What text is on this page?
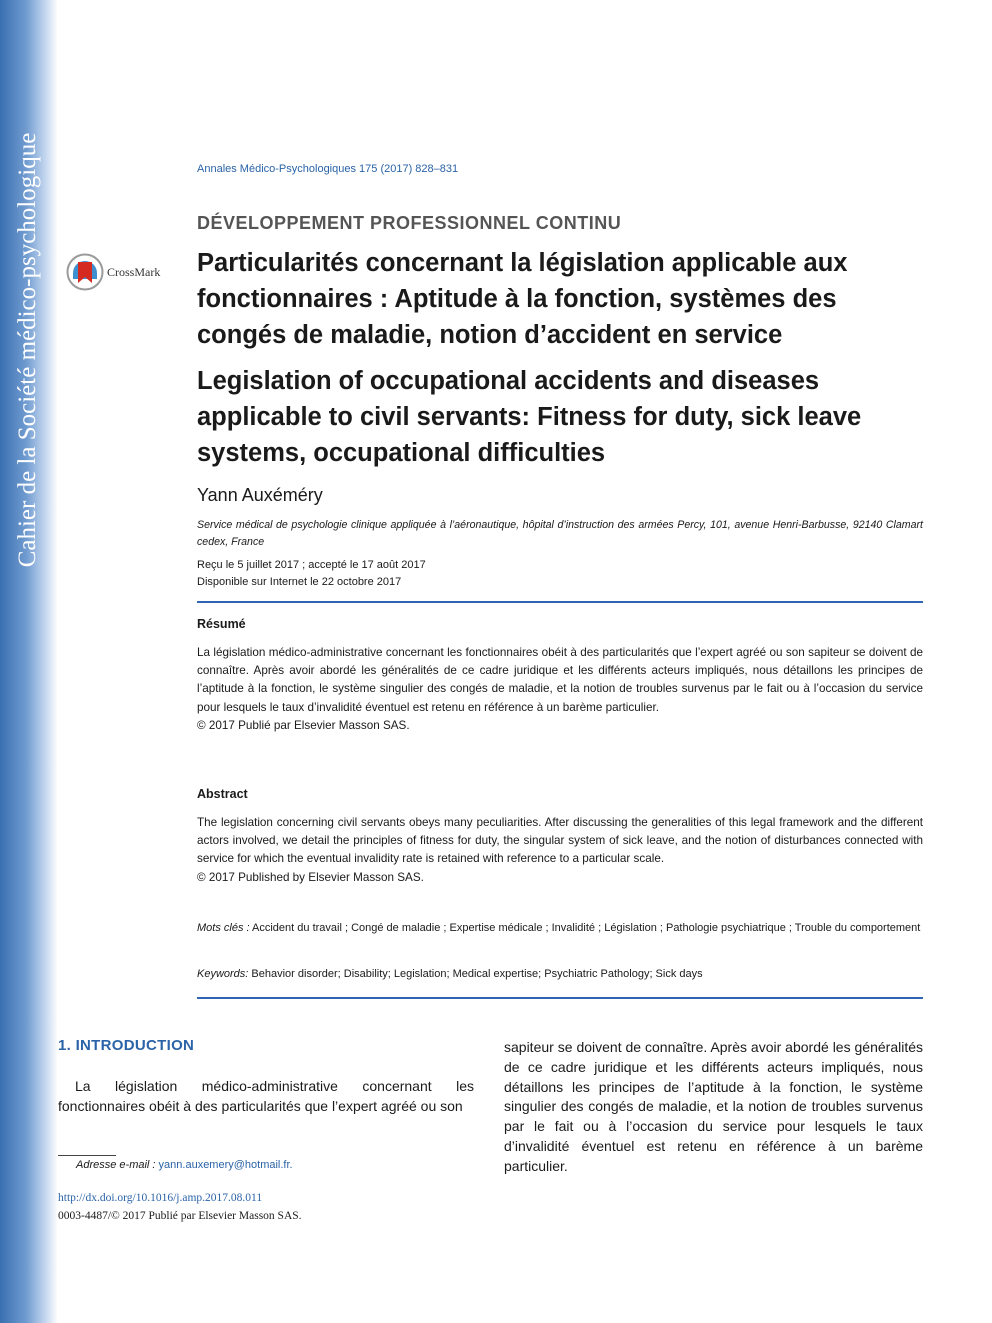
Cahier de la Société médico-psychologique	Annales Médico-Psychologiques 175 (2017) 828–831
DÉVELOPPEMENT PROFESSIONNEL CONTINU
CrossMark Particularités concernant la législation applicable aux fonctionnaires : Aptitude à la fonction, systèmes des congés de maladie, notion d’accident en service
Legislation of occupational accidents and diseases applicable to civil servants: Fitness for duty, sick leave systems, occupational difficulties
Yann Auxéméry
Service médical de psychologie clinique appliquée à l’aéronautique, hôpital d’instruction des armées Percy, 101, avenue Henri-Barbusse, 92140 Clamart cedex, France
Reçu le 5 juillet 2017 ; accepté le 17 août 2017
Disponible sur Internet le 22 octobre 2017
Résumé
La législation médico-administrative concernant les fonctionnaires obéit à des particularités que l’expert agréé ou son sapiteur se doivent de connaître. Après avoir abordé les généralités de ce cadre juridique et les différents acteurs impliqués, nous détaillons les principes de l’aptitude à la fonction, le système singulier des congés de maladie, et la notion de troubles survenus par le fait ou à l’occasion du service pour lesquels le taux d’invalidité éventuel est retenu en référence à un barème particulier.
© 2017 Publié par Elsevier Masson SAS.
Abstract
The legislation concerning civil servants obeys many peculiarities. After discussing the generalities of this legal framework and the different actors involved, we detail the principles of fitness for duty, the singular system of sick leave, and the notion of disturbances connected with service for which the eventual invalidity rate is retained with reference to a particular scale.
© 2017 Published by Elsevier Masson SAS.
Mots clés : Accident du travail ; Congé de maladie ; Expertise médicale ; Invalidité ; Législation ; Pathologie psychiatrique ; Trouble du comportement
Keywords: Behavior disorder; Disability; Legislation; Medical expertise; Psychiatric Pathology; Sick days
1. INTRODUCTION
La législation médico-administrative concernant les fonctionnaires obéit à des particularités que l’expert agréé ou son
sapiteur se doivent de connaître. Après avoir abordé les généralités de ce cadre juridique et les différents acteurs impliqués, nous détaillons les principes de l’aptitude à la fonction, le système singulier des congés de maladie, et la notion de troubles survenus par le fait ou à l’occasion du service pour lesquels le taux d’invalidité éventuel est retenu en référence à un barème particulier.
Adresse e-mail : yann.auxemery@hotmail.fr.
http://dx.doi.org/10.1016/j.amp.2017.08.011
0003-4487/© 2017 Publié par Elsevier Masson SAS.
